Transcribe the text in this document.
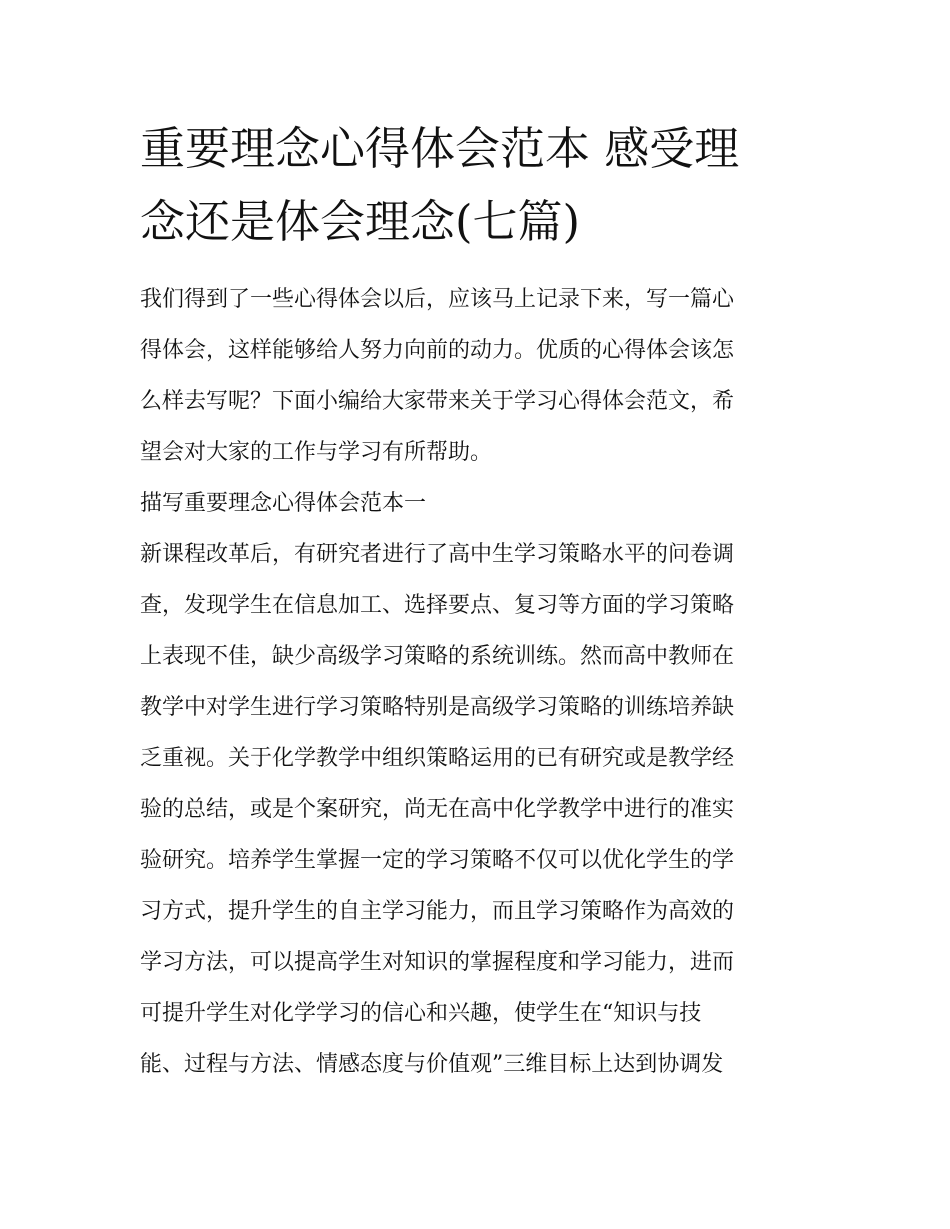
重要理念心得体会范本 感受理
念还是体会理念(七篇)

我们得到了一些心得体会以后，应该马上记录下来，写一篇心

得体会，这样能够给人努力向前的动力。优质的心得体会该怎

么样去写呢？下面小编给大家带来关于学习心得体会范文，希

望会对大家的工作与学习有所帮助。

描写重要理念心得体会范本一

新课程改革后，有研究者进行了高中生学习策略水平的问卷调

查，发现学生在信息加工、选择要点、复习等方面的学习策略

上表现不佳，缺少高级学习策略的系统训练。然而高中教师在

教学中对学生进行学习策略特别是高级学习策略的训练培养缺

乏重视。关于化学教学中组织策略运用的已有研究或是教学经

验的总结，或是个案研究，尚无在高中化学教学中进行的准实

验研究。培养学生掌握一定的学习策略不仅可以优化学生的学

习方式，提升学生的自主学习能力，而且学习策略作为高效的

学习方法，可以提高学生对知识的掌握程度和学习能力，进而

可提升学生对化学学习的信心和兴趣，使学生在“知识与技

能、过程与方法、情感态度与价值观”三维目标上达到协调发
